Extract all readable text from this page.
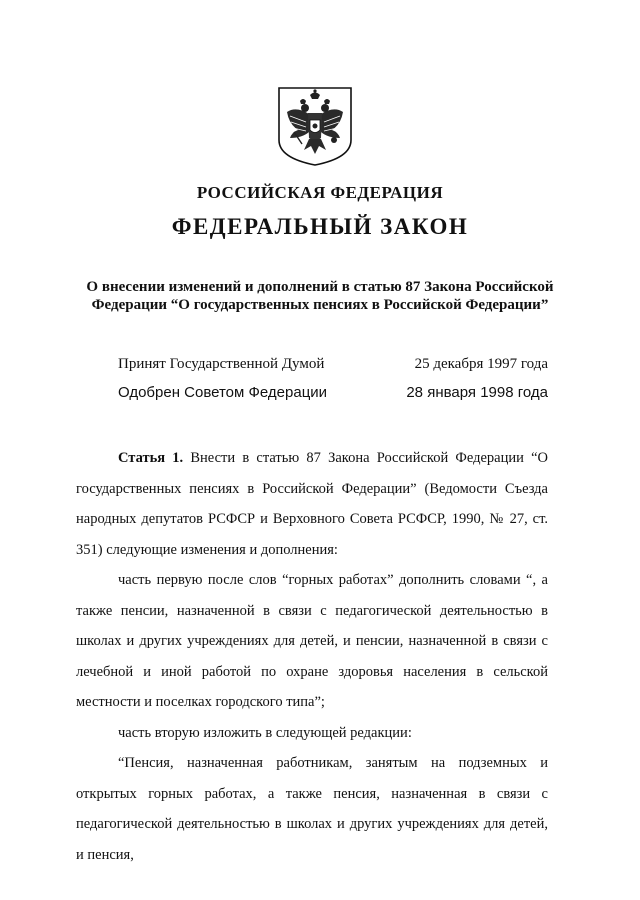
РОССИЙСКАЯ ФЕДЕРАЦИЯ
ФЕДЕРАЛЬНЫЙ ЗАКОН
О внесении изменений и дополнений в статью 87 Закона Российской
Федерации “О государственных пенсиях в Российской Федерации”
Принят Государственной Думой	25 декабря 1997 года
Одобрен Советом Федерации	28 января 1998 года

Статья 1. Внести в статью 87 Закона Российской Федерации “О государственных пенсиях в Российской Федерации” (Ведомости Съезда народных депутатов РСФСР и Верховного Совета РСФСР, 1990, № 27, ст. 351) следующие изменения и дополнения:

часть первую после слов “горных работах” дополнить словами “, а также пенсии, назначенной в связи с педагогической деятельностью в школах и других учреждениях для детей, и пенсии, назначенной в связи с лечебной и иной работой по охране здоровья населения в сельской местности и поселках городского типа”;

часть вторую изложить в следующей редакции:

“Пенсия, назначенная работникам, занятым на подземных и открытых горных работах, а также пенсия, назначенная в связи с педагогической деятельностью в школах и других учреждениях для детей, и пенсия,
